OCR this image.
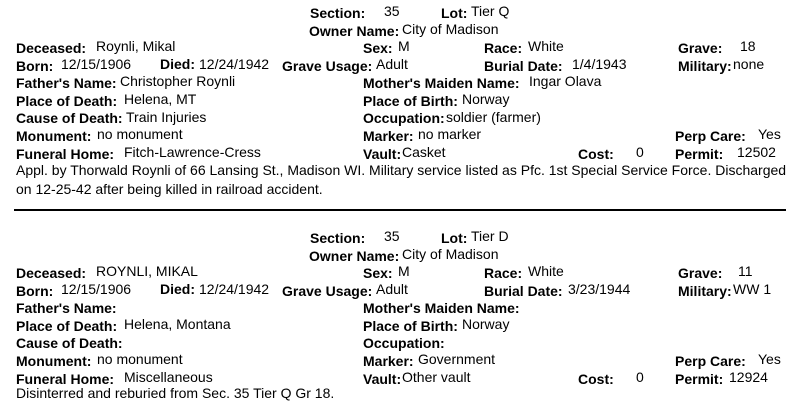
Section: 35	Lot: Tier Q
Owner Name: City of Madison
Deceased: Roynli, Mikal	Sex: M	Race: White	Grave: 18
Born: 12/15/1906 Died: 12/24/1942 Grave Usage: Adult	Burial Date: 1/4/1943	Military: none
Father's Name: Christopher Roynli	Mother's Maiden Name: Ingar Olava
Place of Death: Helena, MT	Place of Birth: Norway
Cause of Death: Train Injuries	Occupation: soldier (farmer)
Monument: no monument	Marker: no marker	Perp Care: Yes
Funeral Home: Fitch-Lawrence-Cress	Vault: Casket	Cost: 0 Permit: 12502
Appl. by Thorwald Roynli of 66 Lansing St., Madison WI. Military service listed as Pfc. 1st Special Service Force. Discharged on 12-25-42 after being killed in railroad accident.
Section: 35	Lot: Tier D
Owner Name: City of Madison
Deceased: ROYNLI, MIKAL	Sex: M	Race: White	Grave: 11
Born: 12/15/1906 Died: 12/24/1942 Grave Usage: Adult	Burial Date: 3/23/1944	Military: WW 1
Father's Name:	Mother's Maiden Name:
Place of Death: Helena, Montana	Place of Birth: Norway
Cause of Death:	Occupation:
Monument: no monument	Marker: Government	Perp Care: Yes
Funeral Home: Miscellaneous	Vault: Other vault	Cost: 0 Permit: 12924
Disinterred and reburied from Sec. 35 Tier Q Gr 18.
